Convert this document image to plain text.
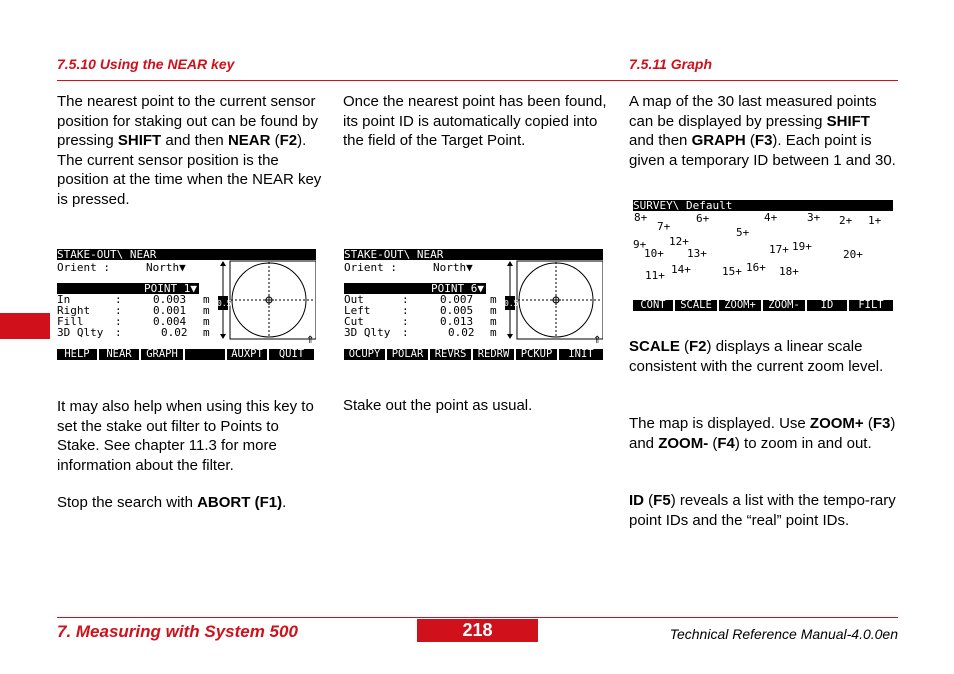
7.5.10 Using the NEAR key	7.5.11 Graph
The nearest point to the current sensor position for staking out can be found by pressing SHIFT and then NEAR (F2). The current sensor position is the position at the time when the NEAR key is pressed.
Once the nearest point has been found, its point ID is automatically copied into the field of the Target Point.
A map of the 30 last measured points can be displayed by pressing SHIFT and then GRAPH (F3). Each point is given a temporary ID between 1 and 30.
STAKE-OUT\ NEAR
Orient :	North▼
POINT 1▼
In	:	0.003 m
Right :	0.001 m
Fill	:	0.004 m
3D Qlty :	0.02 m
0.5
⇑
HELP NEAR GRAPH	AUXPT QUIT
STAKE-OUT\ NEAR
Orient :	North▼
POINT 6▼
Out	:	0.007 m
Left	:	0.005 m
Cut	:	0.013 m
3D Qlty :	0.02 m
0.5
⇑
OCUPY POLAR REVRS REDRW PCKUP INIT
SURVEY\ Default
8+	6+	4+	3+ 2+ 1+
7+	5+
12+
9+
10+ 13+	17+ 19+
20+
14+	16+
11+	15+	18+
CONT SCALE ZOOM+ ZOOM- ID FILT
SCALE (F2) displays a linear scale consistent with the current zoom level.
The map is displayed. Use ZOOM+ (F3) and ZOOM- (F4) to zoom in and out.
ID (F5) reveals a list with the tempo-rary point IDs and the “real” point IDs.
It may also help when using this key to set the stake out filter to Points to Stake. See chapter 11.3 for more information about the filter.
Stop the search with ABORT (F1).
Stake out the point as usual.
7. Measuring with System 500	218	Technical Reference Manual-4.0.0en
